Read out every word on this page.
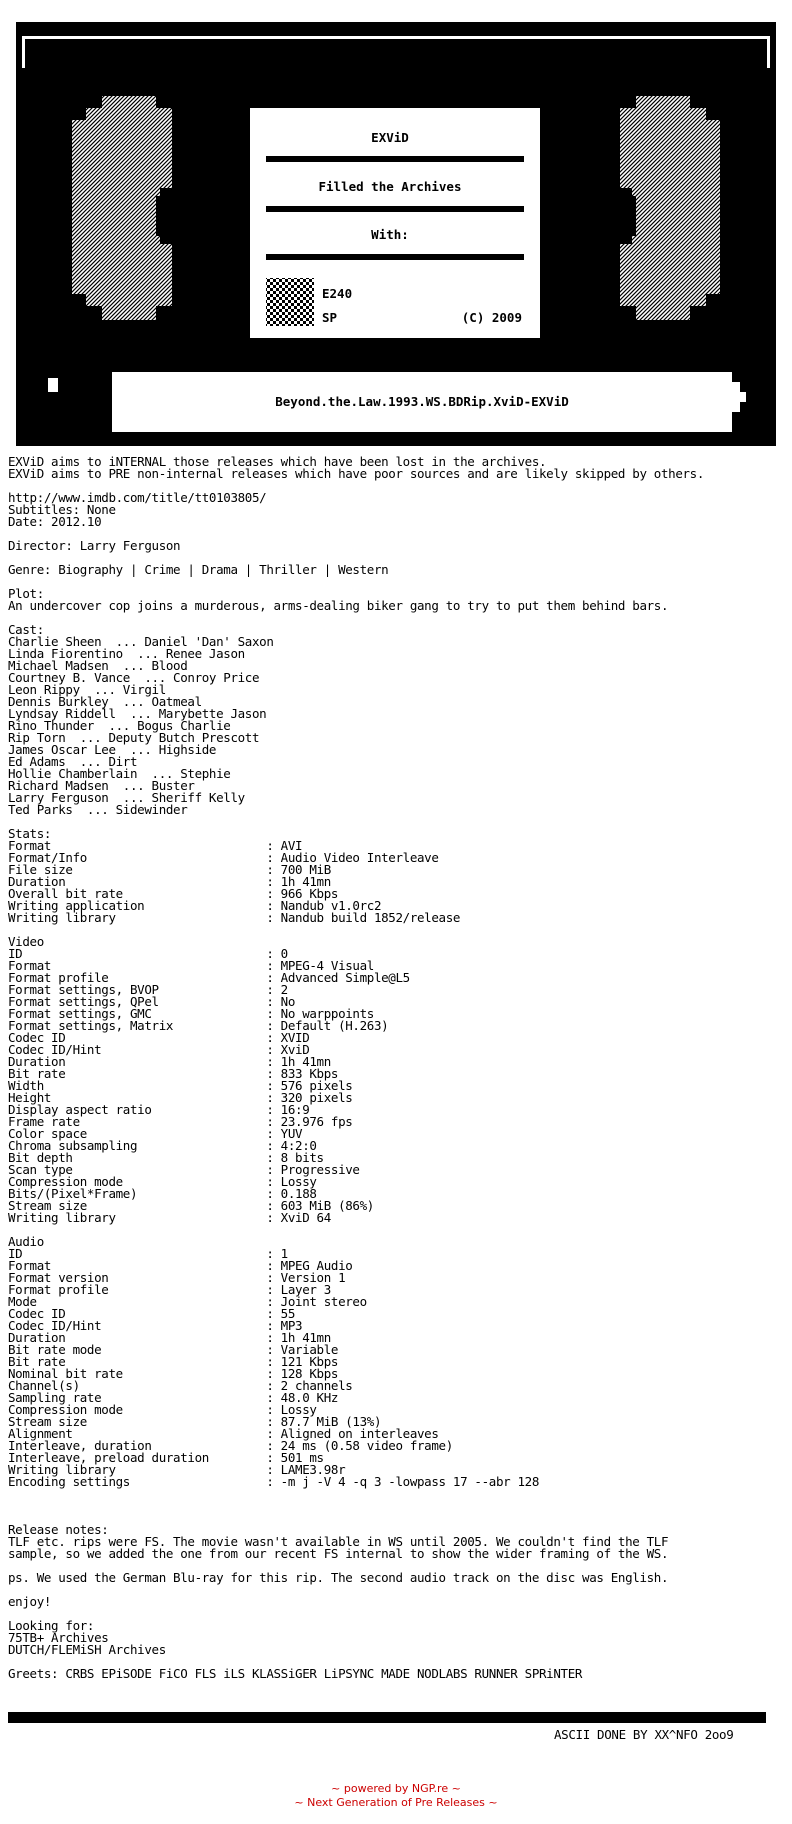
EXViD
Filled the Archives
With:
E240
SP	(C) 2009
Beyond.the.Law.1993.WS.BDRip.XviD-EXViD
EXViD aims to iNTERNAL those releases which have been lost in the archives.
EXViD aims to PRE non-internal releases which have poor sources and are likely skipped by others.

http://www.imdb.com/title/tt0103805/
Subtitles: None
Date: 2012.10

Director: Larry Ferguson

Genre: Biography | Crime | Drama | Thriller | Western

Plot:
An undercover cop joins a murderous, arms-dealing biker gang to try to put them behind bars.

Cast:
Charlie Sheen  ... Daniel 'Dan' Saxon
Linda Fiorentino  ... Renee Jason
Michael Madsen  ... Blood
Courtney B. Vance  ... Conroy Price
Leon Rippy  ... Virgil
Dennis Burkley  ... Oatmeal
Lyndsay Riddell  ... Marybette Jason
Rino Thunder  ... Bogus Charlie
Rip Torn  ... Deputy Butch Prescott
James Oscar Lee  ... Highside
Ed Adams  ... Dirt
Hollie Chamberlain  ... Stephie
Richard Madsen  ... Buster
Larry Ferguson  ... Sheriff Kelly
Ted Parks  ... Sidewinder

Stats:
Format                              : AVI
Format/Info                         : Audio Video Interleave
File size                           : 700 MiB
Duration                            : 1h 41mn
Overall bit rate                    : 966 Kbps
Writing application                 : Nandub v1.0rc2
Writing library                     : Nandub build 1852/release

Video
ID                                  : 0
Format                              : MPEG-4 Visual
Format profile                      : Advanced Simple@L5
Format settings, BVOP               : 2
Format settings, QPel               : No
Format settings, GMC                : No warppoints
Format settings, Matrix             : Default (H.263)
Codec ID                            : XVID
Codec ID/Hint                       : XviD
Duration                            : 1h 41mn
Bit rate                            : 833 Kbps
Width                               : 576 pixels
Height                              : 320 pixels
Display aspect ratio                : 16:9
Frame rate                          : 23.976 fps
Color space                         : YUV
Chroma subsampling                  : 4:2:0
Bit depth                           : 8 bits
Scan type                           : Progressive
Compression mode                    : Lossy
Bits/(Pixel*Frame)                  : 0.188
Stream size                         : 603 MiB (86%)
Writing library                     : XviD 64

Audio
ID                                  : 1
Format                              : MPEG Audio
Format version                      : Version 1
Format profile                      : Layer 3
Mode                                : Joint stereo
Codec ID                            : 55
Codec ID/Hint                       : MP3
Duration                            : 1h 41mn
Bit rate mode                       : Variable
Bit rate                            : 121 Kbps
Nominal bit rate                    : 128 Kbps
Channel(s)                          : 2 channels
Sampling rate                       : 48.0 KHz
Compression mode                    : Lossy
Stream size                         : 87.7 MiB (13%)
Alignment                           : Aligned on interleaves
Interleave, duration                : 24 ms (0.58 video frame)
Interleave, preload duration        : 501 ms
Writing library                     : LAME3.98r
Encoding settings                   : -m j -V 4 -q 3 -lowpass 17 --abr 128

Release notes:
TLF etc. rips were FS. The movie wasn't available in WS until 2005. We couldn't find the TLF
sample, so we added the one from our recent FS internal to show the wider framing of the WS.

ps. We used the German Blu-ray for this rip. The second audio track on the disc was English.

enjoy!

Looking for:
75TB+ Archives
DUTCH/FLEMiSH Archives

Greets: CRBS EPiSODE FiCO FLS iLS KLASSiGER LiPSYNC MADE NODLABS RUNNER SPRiNTER
ASCII DONE BY XX^NFO 2oo9
~ powered by NGP.re ~
~ Next Generation of Pre Releases ~
